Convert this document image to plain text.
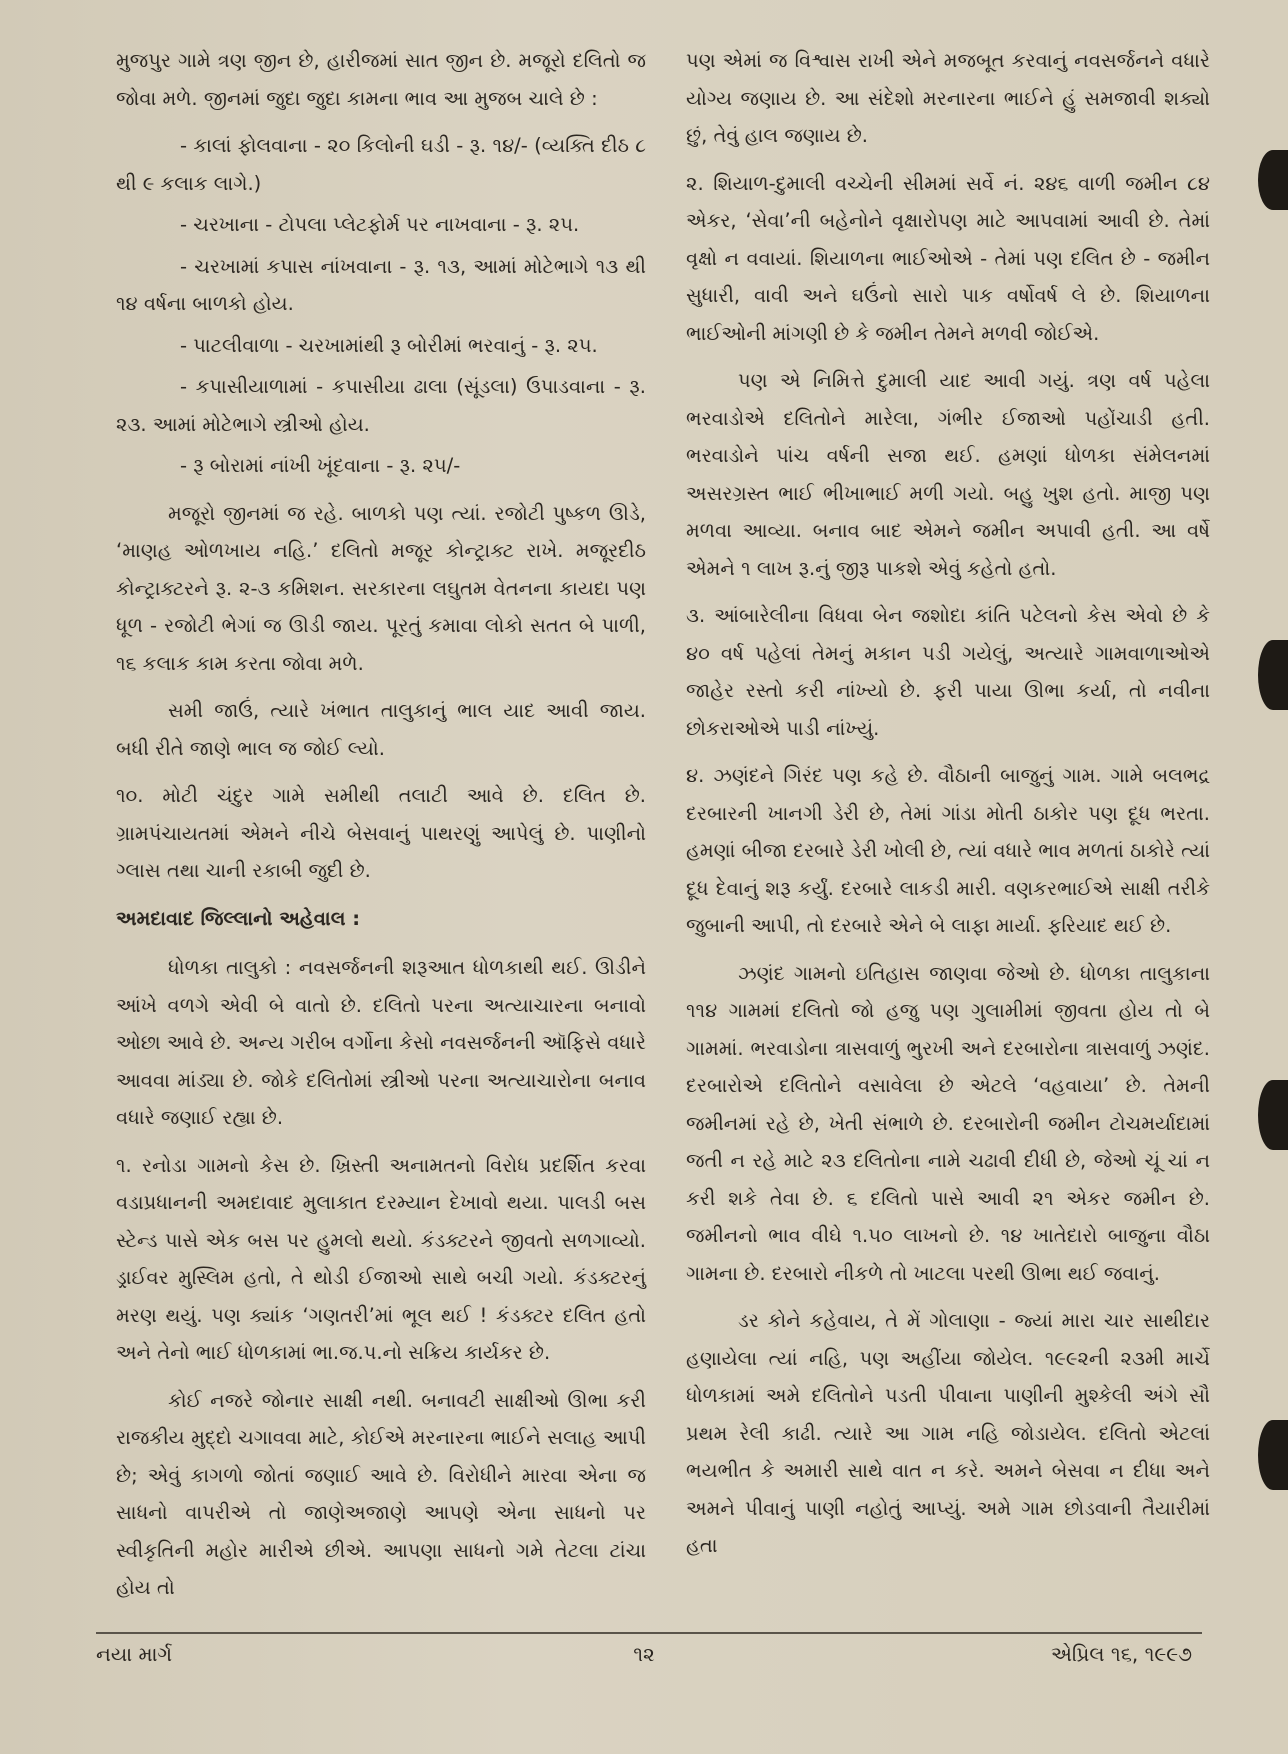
મુજપુર ગામે ત્રણ જીન છે, હારીજમાં સાત જીન છે. મજૂરો દલિતો જ જોવા મળે. જીનમાં જુદા જુદા કામના ભાવ આ મુજબ ચાલે છે :

- કાલાં ફોલવાના - ૨૦ કિલોની ઘડી - રૂ. ૧૪/- (વ્યક્તિ દીઠ ૮ થી ૯ કલાક લાગે.)

- ચરખાના - ટોપલા પ્લેટફોર્મ પર નાખવાના - રૂ. ૨૫.

- ચરખામાં કપાસ નાંખવાના - રૂ. ૧૩, આમાં મોટેભાગે ૧૩ થી ૧૪ વર્ષના બાળકો હોય.

- પાટલીવાળા - ચરખામાંથી રૂ બોરીમાં ભરવાનું - રૂ. ૨૫.

- કપાસીયાળામાં - કપાસીયા ઢાલા (સૂંડલા) ઉપાડવાના - રૂ. ૨૩. આમાં મોટેભાગે સ્ત્રીઓ હોય.

- રૂ બોરામાં નાંખી ખૂંદવાના - રૂ. ૨૫/-

મજૂરો જીનમાં જ રહે. બાળકો પણ ત્યાં. રજોટી પુષ્કળ ઊડે, ‘માણહ ઓળખાય નહિ.’ દલિતો મજૂર કોન્ટ્રાક્ટ રાખે. મજૂરદીઠ કોન્ટ્રાક્ટરને રૂ. ૨-૩ કમિશન. સરકારના લઘુતમ વેતનના કાયદા પણ ધૂળ - રજોટી ભેગાં જ ઊડી જાય. પૂરતું કમાવા લોકો સતત બે પાળી, ૧૬ કલાક કામ કરતા જોવા મળે.

સમી જાઉં, ત્યારે ખંભાત તાલુકાનું ભાલ યાદ આવી જાય. બધી રીતે જાણે ભાલ જ જોઈ લ્યો.

૧૦. મોટી ચંદુર ગામે સમીથી તલાટી આવે છે. દલિત છે. ગ્રામપંચાયતમાં એમને નીચે બેસવાનું પાથરણું આપેલું છે. પાણીનો ગ્લાસ તથા ચાની રકાબી જુદી છે.

અમદાવાદ જિલ્લાનો અહેવાલ :

ધોળકા તાલુકો : નવસર્જનની શરૂઆત ધોળકાથી થઈ. ઊડીને આંખે વળગે એવી બે વાતો છે. દલિતો પરના અત્યાચારના બનાવો ઓછા આવે છે. અન્ય ગરીબ વર્ગોના કેસો નવસર્જનની ઑફિસે વધારે આવવા માંડ્યા છે. જોકે દલિતોમાં સ્ત્રીઓ પરના અત્યાચારોના બનાવ વધારે જણાઈ રહ્યા છે.

૧. રનોડા ગામનો કેસ છે. ખ્રિસ્તી અનામતનો વિરોધ પ્રદર્શિત કરવા વડાપ્રધાનની અમદાવાદ મુલાકાત દરમ્યાન દેખાવો થયા. પાલડી બસ સ્ટેન્ડ પાસે એક બસ પર હુમલો થયો. કંડક્ટરને જીવતો સળગાવ્યો. ડ્રાઈવર મુસ્લિમ હતો, તે થોડી ઈજાઓ સાથે બચી ગયો. કંડક્ટરનું મરણ થયું. પણ ક્યાંક ‘ગણતરી’માં ભૂલ થઈ ! કંડક્ટર દલિત હતો અને તેનો ભાઈ ધોળકામાં ભા.જ.પ.નો સક્રિય કાર્યકર છે.

કોઈ નજરે જોનાર સાક્ષી નથી. બનાવટી સાક્ષીઓ ઊભા કરી રાજકીય મુદ્દો ચગાવવા માટે, કોઈએ મરનારના ભાઈને સલાહ આપી છે; એવું કાગળો જોતાં જણાઈ આવે છે. વિરોધીને મારવા એના જ સાધનો વાપરીએ તો જાણેઅજાણે આપણે એના સાધનો પર સ્વીકૃતિની મહોર મારીએ છીએ. આપણા સાધનો ગમે તેટલા ટાંચા હોય તો

પણ એમાં જ વિશ્વાસ રાખી એને મજબૂત કરવાનું નવસર્જનને વધારે યોગ્ય જણાય છે. આ સંદેશો મરનારના ભાઈને હું સમજાવી શક્યો છું, તેવું હાલ જણાય છે.

૨. શિયાળ-દુમાલી વચ્ચેની સીમમાં સર્વે નં. ૨૪૬ વાળી જમીન ૮૪ એકર, ‘સેવા’ની બહેનોને વૃક્ષારોપણ માટે આપવામાં આવી છે. તેમાં વૃક્ષો ન વવાયાં. શિયાળના ભાઈઓએ - તેમાં પણ દલિત છે - જમીન સુધારી, વાવી અને ઘઉંનો સારો પાક વર્ષોવર્ષ લે છે. શિયાળના ભાઈઓની માંગણી છે કે જમીન તેમને મળવી જોઈએ.

પણ એ નિમિત્તે દુમાલી યાદ આવી ગયું. ત્રણ વર્ષ પહેલા ભરવાડોએ દલિતોને મારેલા, ગંભીર ઈજાઓ પહોંચાડી હતી. ભરવાડોને પાંચ વર્ષની સજા થઈ. હમણાં ધોળકા સંમેલનમાં અસરગ્રસ્ત ભાઈ ભીખાભાઈ મળી ગયો. બહુ ખુશ હતો. માજી પણ મળવા આવ્યા. બનાવ બાદ એમને જમીન અપાવી હતી. આ વર્ષે એમને ૧ લાખ રૂ.નું જીરૂ પાકશે એવું કહેતો હતો.

૩. આંબારેલીના વિધવા બેન જશોદા કાંતિ પટેલનો કેસ એવો છે કે ૪૦ વર્ષ પહેલાં તેમનું મકાન પડી ગયેલું, અત્યારે ગામવાળાઓએ જાહેર રસ્તો કરી નાંખ્યો છે. ફરી પાયા ઊભા કર્યા, તો નવીના છોકરાઓએ પાડી નાંખ્યું.

૪. ઝણંદને ગિરંદ પણ કહે છે. વૌઠાની બાજુનું ગામ. ગામે બલભદ્ર દરબારની ખાનગી ડેરી છે, તેમાં ગાંડા મોતી ઠાકોર પણ દૂધ ભરતા. હમણાં બીજા દરબારે ડેરી ખોલી છે, ત્યાં વધારે ભાવ મળતાં ઠાકોરે ત્યાં દૂધ દેવાનું શરૂ કર્યું. દરબારે લાકડી મારી. વણકરભાઈએ સાક્ષી તરીકે જુબાની આપી, તો દરબારે એને બે લાફા માર્યા. ફરિયાદ થઈ છે.

ઝણંદ ગામનો ઇતિહાસ જાણવા જેઓ છે. ધોળકા તાલુકાના ૧૧૪ ગામમાં દલિતો જો હજુ પણ ગુલામીમાં જીવતા હોય તો બે ગામમાં. ભરવાડોના ત્રાસવાળું ભુરખી અને દરબારોના ત્રાસવાળું ઝણંદ. દરબારોએ દલિતોને વસાવેલા છે એટલે ‘વહવાયા’ છે. તેમની જમીનમાં રહે છે, ખેતી સંભાળે છે. દરબારોની જમીન ટોચમર્યાદામાં જતી ન રહે માટે ૨૩ દલિતોના નામે ચઢાવી દીધી છે, જેઓ ચૂં ચાં ન કરી શકે તેવા છે. ૬ દલિતો પાસે આવી ૨૧ એકર જમીન છે. જમીનનો ભાવ વીઘે ૧.૫૦ લાખનો છે. ૧૪ ખાતેદારો બાજુના વૌઠા ગામના છે. દરબારો નીકળે તો ખાટલા પરથી ઊભા થઈ જવાનું.

ડર કોને કહેવાય, તે મેં ગોલાણા - જ્યાં મારા ચાર સાથીદાર હણાયેલા ત્યાં નહિ, પણ અહીંયા જોયેલ. ૧૯૯૨ની ૨૩મી માર્ચે ધોળકામાં અમે દલિતોને પડતી પીવાના પાણીની મુશ્કેલી અંગે સૌ પ્રથમ રેલી કાઢી. ત્યારે આ ગામ નહિ જોડાયેલ. દલિતો એટલાં ભયભીત કે અમારી સાથે વાત ન કરે. અમને બેસવા ન દીધા અને અમને પીવાનું પાણી નહોતું આપ્યું. અમે ગામ છોડવાની તૈયારીમાં હતા

નયા માર્ગ	૧૨	એપ્રિલ ૧૬, ૧૯૯૭
